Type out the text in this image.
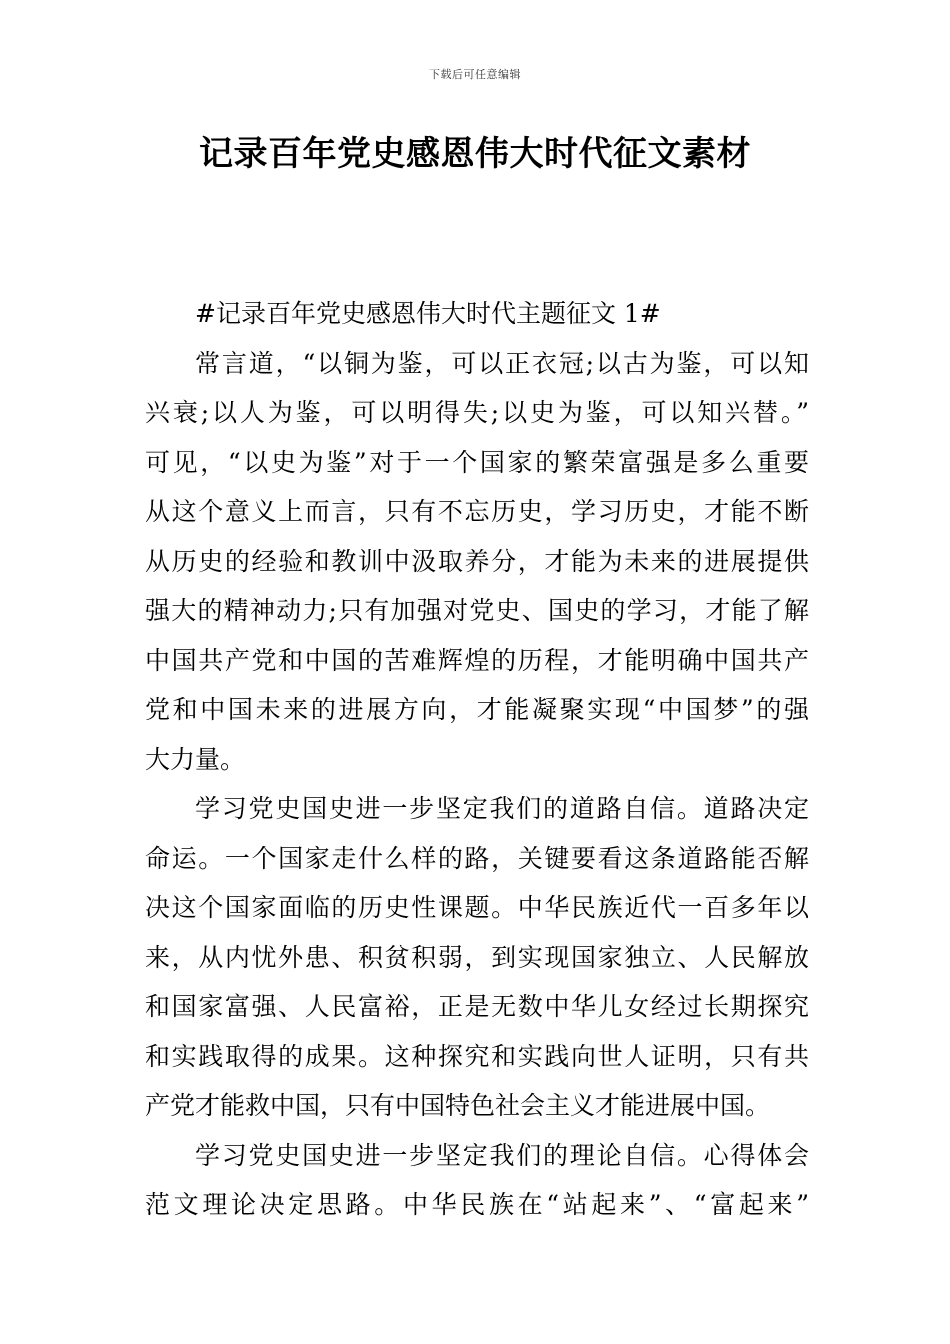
下载后可任意编辑
记录百年党史感恩伟大时代征文素材
#记录百年党史感恩伟大时代主题征文 1#
常言道，“以铜为鉴，可以正衣冠;以古为鉴，可以知
兴衰;以人为鉴，可以明得失;以史为鉴，可以知兴替。”
可见，“以史为鉴”对于一个国家的繁荣富强是多么重要
从这个意义上而言，只有不忘历史，学习历史，才能不断
从历史的经验和教训中汲取养分，才能为未来的进展提供
强大的精神动力;只有加强对党史、国史的学习，才能了解
中国共产党和中国的苦难辉煌的历程，才能明确中国共产
党和中国未来的进展方向，才能凝聚实现“中国梦”的强
大力量。
学习党史国史进一步坚定我们的道路自信。道路决定
命运。一个国家走什么样的路，关键要看这条道路能否解
决这个国家面临的历史性课题。中华民族近代一百多年以
来，从内忧外患、积贫积弱，到实现国家独立、人民解放
和国家富强、人民富裕，正是无数中华儿女经过长期探究
和实践取得的成果。这种探究和实践向世人证明，只有共
产党才能救中国，只有中国特色社会主义才能进展中国。
学习党史国史进一步坚定我们的理论自信。心得体会
范文理论决定思路。中华民族在“站起来”、“富起来”
